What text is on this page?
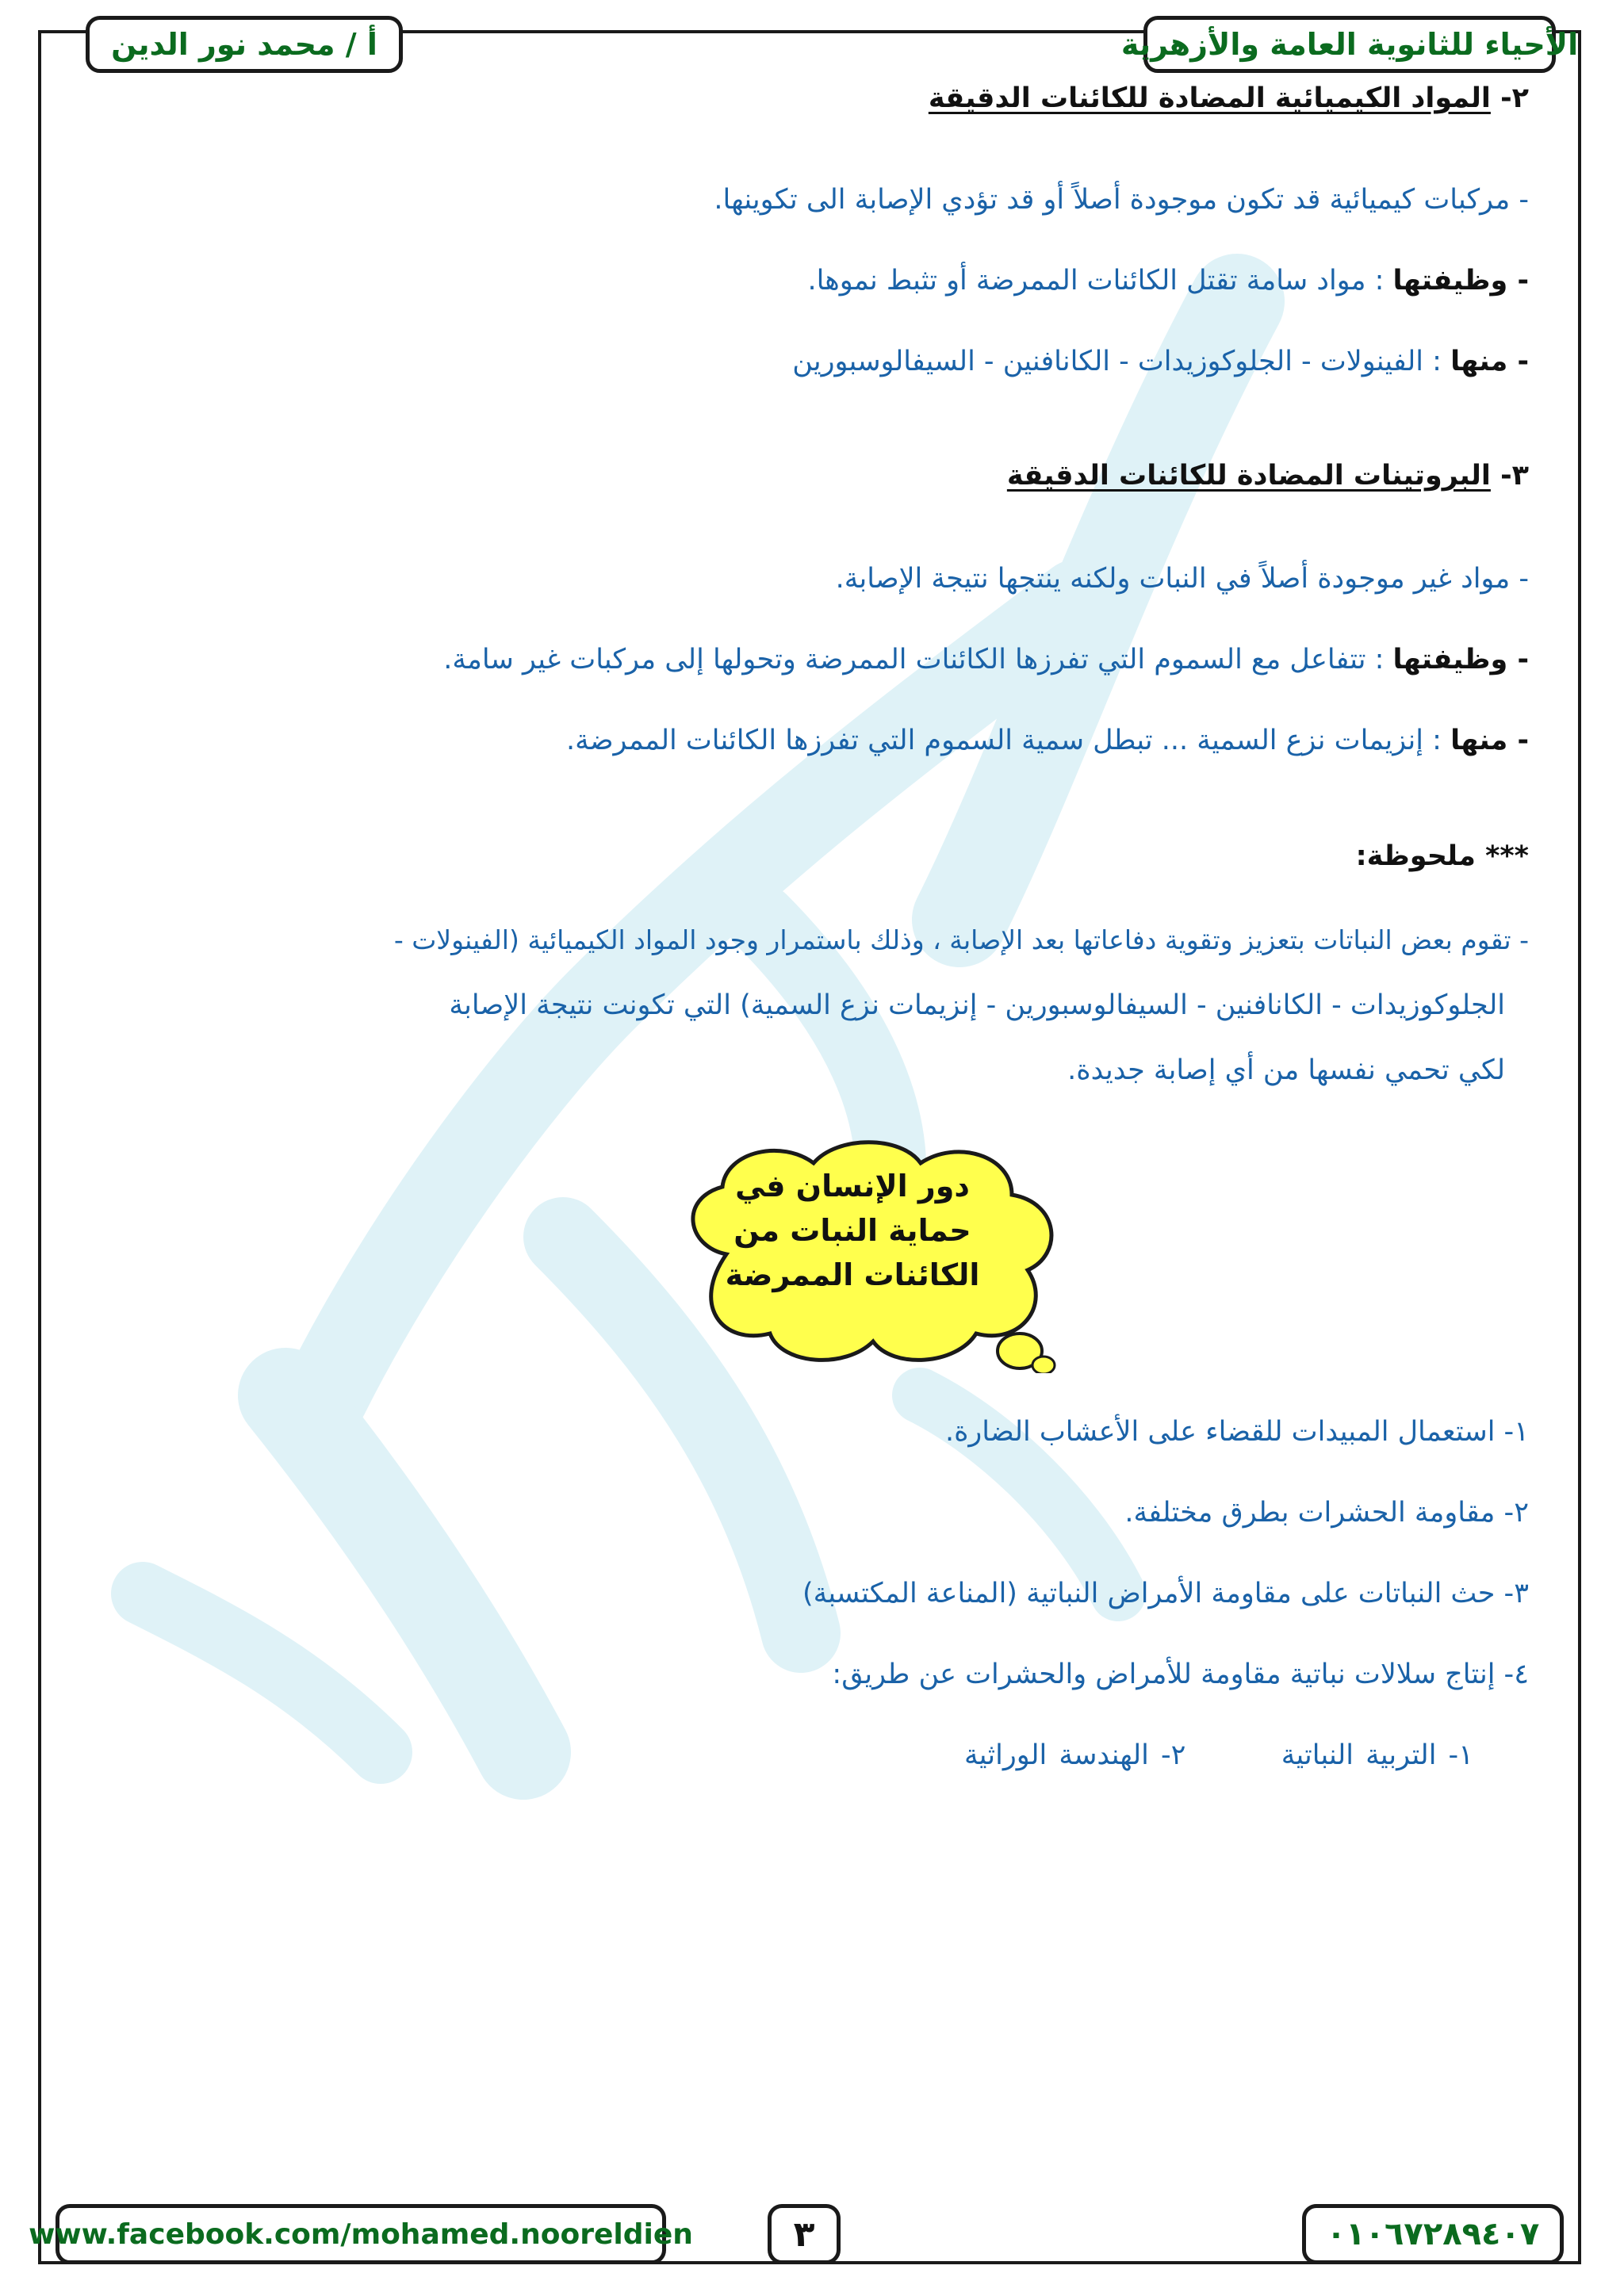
الأحياء للثانوية العامة والأزهرية
أ / محمد نور الدين
٢- المواد الكيميائية المضادة للكائنات الدقيقة
- مركبات كيميائية قد تكون موجودة أصلاً أو قد تؤدي الإصابة الى تكوينها.
- وظيفتها : مواد سامة تقتل الكائنات الممرضة أو تثبط نموها.
- منها : الفينولات - الجلوكوزيدات - الكانافنين - السيفالوسبورين
٣- البروتينات المضادة للكائنات الدقيقة
- مواد غير موجودة أصلاً في النبات ولكنه ينتجها نتيجة الإصابة.
- وظيفتها : تتفاعل مع السموم التي تفرزها الكائنات الممرضة وتحولها إلى مركبات غير سامة.
- منها : إنزيمات نزع السمية ... تبطل سمية السموم التي تفرزها الكائنات الممرضة.
*** ملحوظة:
- تقوم بعض النباتات بتعزيز وتقوية دفاعاتها بعد الإصابة ، وذلك باستمرار وجود المواد الكيميائية (الفينولات -
الجلوكوزيدات - الكانافنين - السيفالوسبورين - إنزيمات نزع السمية) التي تكونت نتيجة الإصابة
لكي تحمي نفسها من أي إصابة جديدة.
١- استعمال المبيدات للقضاء على الأعشاب الضارة.
٢- مقاومة الحشرات بطرق مختلفة.
٣- حث النباتات على مقاومة الأمراض النباتية (المناعة المكتسبة)
٤- إنتاج سلالات نباتية مقاومة للأمراض والحشرات عن طريق:
١- التربية النباتية  ٢- الهندسة الوراثية
دور الإنسان في
حماية النبات من
الكائنات الممرضة
www.facebook.com/mohamed.nooreldien	٣	٠١٠٦٧٢٨٩٤٠٧
